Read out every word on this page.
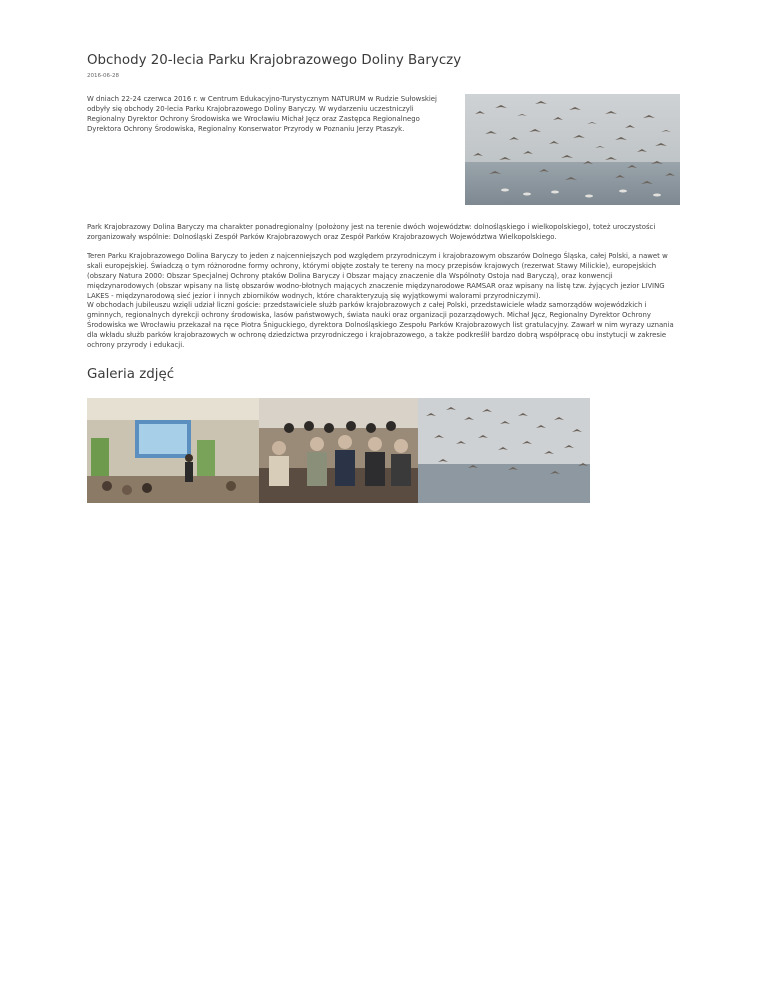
Obchody 20-lecia Parku Krajobrazowego Doliny Baryczy
2016-06-28

W dniach 22-24 czerwca 2016 r. w Centrum Edukacyjno-Turystycznym NATURUM w Rudzie Sułowskiej odbyły się obchody 20-lecia Parku Krajobrazowego Doliny Baryczy. W wydarzeniu uczestniczyli Regionalny Dyrektor Ochrony Środowiska we Wrocławiu Michał Jęcz oraz Zastępca Regionalnego Dyrektora Ochrony Środowiska, Regionalny Konserwator Przyrody w Poznaniu Jerzy Ptaszyk.

Park Krajobrazowy Dolina Baryczy ma charakter ponadregionalny (położony jest na terenie dwóch województw: dolnośląskiego i wielkopolskiego), toteż uroczystości zorganizowały wspólnie: Dolnośląski Zespół Parków Krajobrazowych oraz Zespół Parków Krajobrazowych Województwa Wielkopolskiego.

Teren Parku Krajobrazowego Dolina Baryczy to jeden z najcenniejszych pod względem przyrodniczym i krajobrazowym obszarów Dolnego Śląska, całej Polski, a nawet w skali europejskiej. Świadczą o tym różnorodne formy ochrony, którymi objęte zostały te tereny na mocy przepisów krajowych (rezerwat Stawy Milickie), europejskich (obszary Natura 2000: Obszar Specjalnej Ochrony ptaków Dolina Baryczy i Obszar mający znaczenie dla Wspólnoty Ostoja nad Baryczą), oraz konwencji międzynarodowych (obszar wpisany na listę obszarów wodno-błotnych mających znaczenie międzynarodowe RAMSAR oraz wpisany na listę tzw. żyjących jezior LIVING LAKES - międzynarodową sieć jezior i innych zbiorników wodnych, które charakteryzują się wyjątkowymi walorami przyrodniczymi).

W obchodach jubileuszu wzięli udział liczni goście: przedstawiciele służb parków krajobrazowych z całej Polski, przedstawiciele władz samorządów wojewódzkich i gminnych, regionalnych dyrekcji ochrony środowiska, lasów państwowych, świata nauki oraz organizacji pozarządowych. Michał Jęcz, Regionalny Dyrektor Ochrony Środowiska we Wrocławiu przekazał na ręce Piotra Śniguckiego, dyrektora Dolnośląskiego Zespołu Parków Krajobrazowych list gratulacyjny. Zawarł w nim wyrazy uznania dla wkładu służb parków krajobrazowych w ochronę dziedzictwa przyrodniczego i krajobrazowego, a także podkreślił bardzo dobrą współpracę obu instytucji w zakresie ochrony przyrody i edukacji.

Galeria zdjęć
